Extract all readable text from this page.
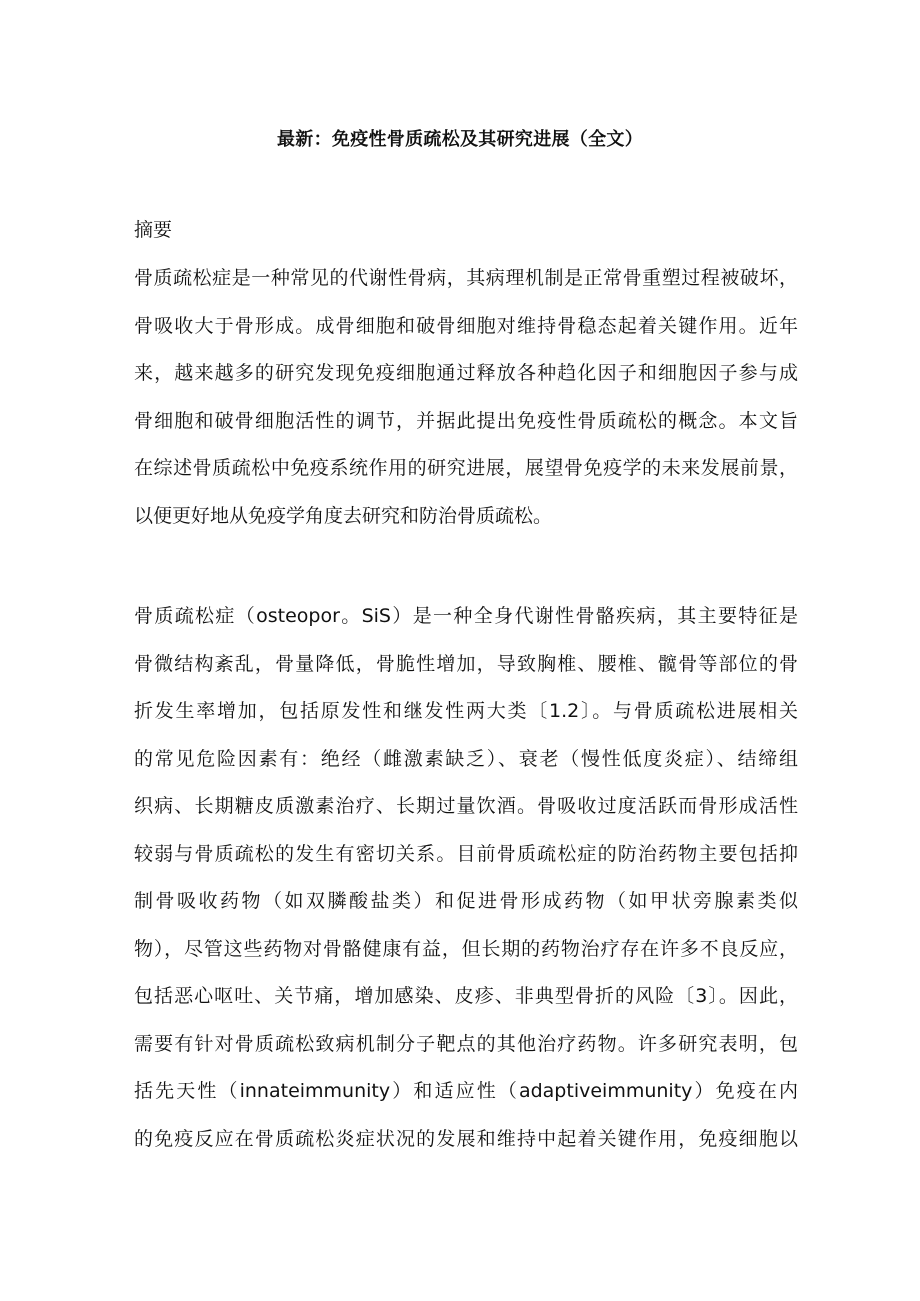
最新：免疫性骨质疏松及其研究进展（全文）
摘要
骨质疏松症是一种常见的代谢性骨病，其病理机制是正常骨重塑过程被破坏，
骨吸收大于骨形成。成骨细胞和破骨细胞对维持骨稳态起着关键作用。近年
来，越来越多的研究发现免疫细胞通过释放各种趋化因子和细胞因子参与成
骨细胞和破骨细胞活性的调节，并据此提出免疫性骨质疏松的概念。本文旨
在综述骨质疏松中免疫系统作用的研究进展，展望骨免疫学的未来发展前景，
以便更好地从免疫学角度去研究和防治骨质疏松。
骨质疏松症（osteopor。SiS）是一种全身代谢性骨骼疾病，其主要特征是
骨微结构紊乱，骨量降低，骨脆性增加，导致胸椎、腰椎、髋骨等部位的骨
折发生率增加，包括原发性和继发性两大类〔1.2〕。与骨质疏松进展相关
的常见危险因素有：绝经（雌激素缺乏）、衰老（慢性低度炎症）、结缔组
织病、长期糖皮质激素治疗、长期过量饮酒。骨吸收过度活跃而骨形成活性
较弱与骨质疏松的发生有密切关系。目前骨质疏松症的防治药物主要包括抑
制骨吸收药物（如双膦酸盐类）和促进骨形成药物（如甲状旁腺素类似
物），尽管这些药物对骨骼健康有益，但长期的药物治疗存在许多不良反应，
包括恶心呕吐、关节痛，增加感染、皮疹、非典型骨折的风险〔3〕。因此，
需要有针对骨质疏松致病机制分子靶点的其他治疗药物。许多研究表明，包
括先天性（innateimmunity）和适应性（adaptiveimmunity）免疫在内
的免疫反应在骨质疏松炎症状况的发展和维持中起着关键作用，免疫细胞以
